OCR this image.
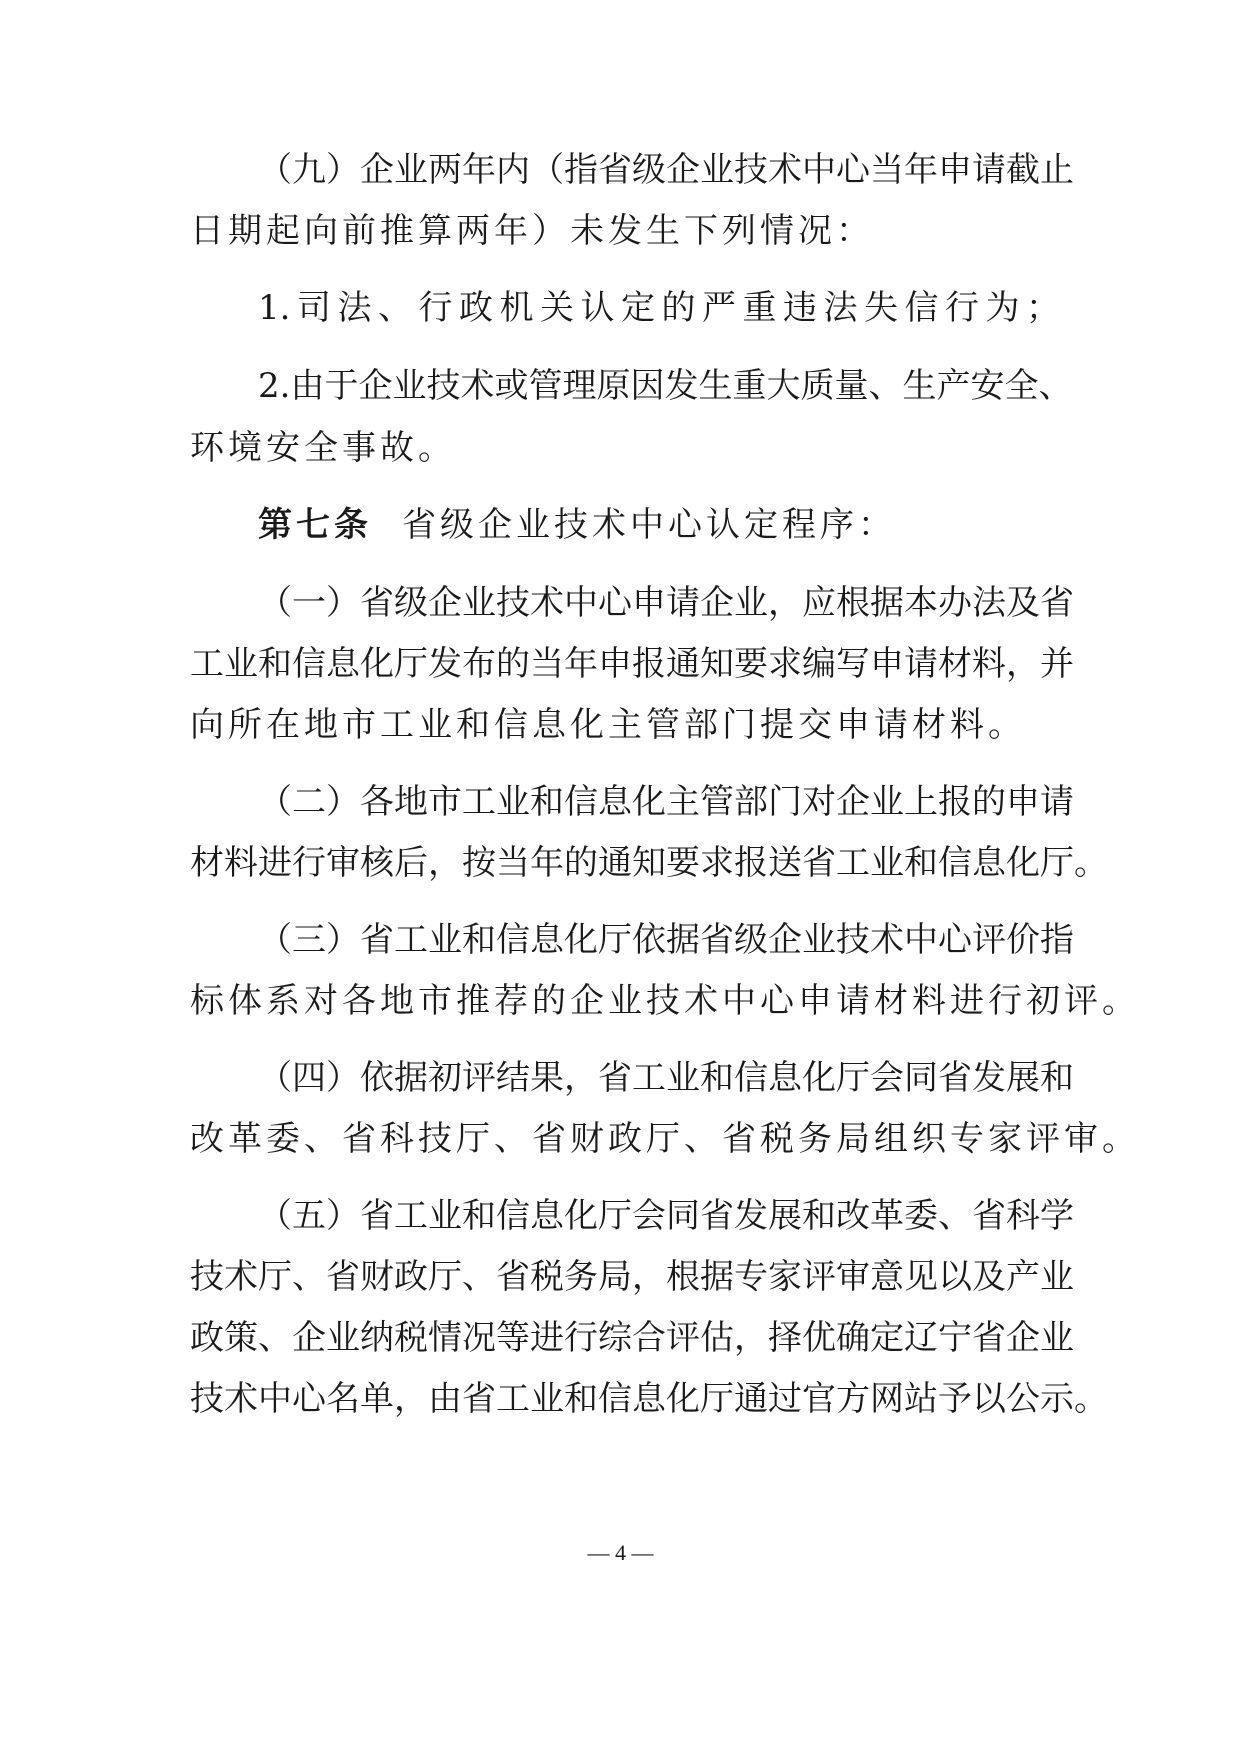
（九）企业两年内（指省级企业技术中心当年申请截止
日期起向前推算两年）未发生下列情况：
1.司法、行政机关认定的严重违法失信行为；
2.由于企业技术或管理原因发生重大质量、生产安全、
环境安全事故。
第七条 省级企业技术中心认定程序：
（一）省级企业技术中心申请企业，应根据本办法及省
工业和信息化厅发布的当年申报通知要求编写申请材料，并
向所在地市工业和信息化主管部门提交申请材料。
（二）各地市工业和信息化主管部门对企业上报的申请
材料进行审核后，按当年的通知要求报送省工业和信息化厅。
（三）省工业和信息化厅依据省级企业技术中心评价指
标体系对各地市推荐的企业技术中心申请材料进行初评。
（四）依据初评结果，省工业和信息化厅会同省发展和
改革委、省科技厅、省财政厅、省税务局组织专家评审。
（五）省工业和信息化厅会同省发展和改革委、省科学
技术厅、省财政厅、省税务局，根据专家评审意见以及产业
政策、企业纳税情况等进行综合评估，择优确定辽宁省企业
技术中心名单，由省工业和信息化厅通过官方网站予以公示。
— 4 —
